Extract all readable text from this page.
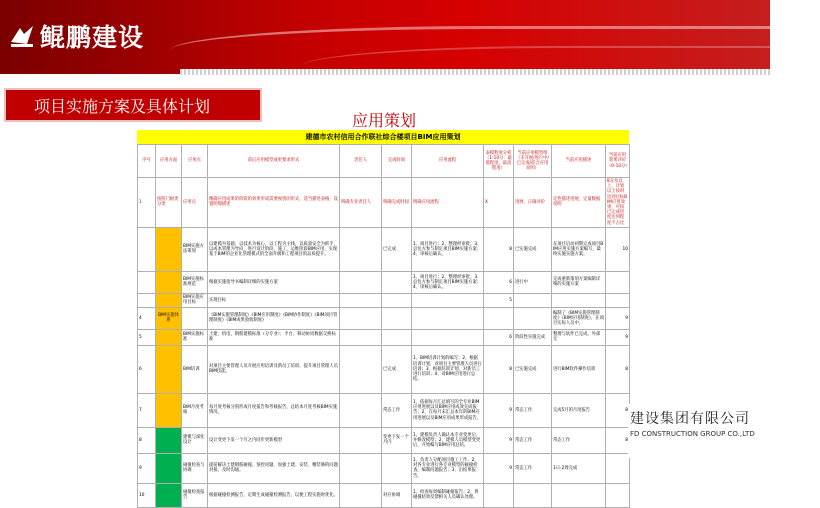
鲲鹏建设
项目实施方案及具体计划
应用策划
建德市农村信用合作联社综合楼项目BIM应用策划
序号	应用方面	应用点	前后应用模型成果要求形式	责任人	完成时间	应用流程	表模程度分析（1-10分：最低程度，最高程度）	当前应用模型组（未开展/进行中/已完成/结合应用说明）	当前应用描述	当前应用效果评价（0-10分）
1	按照门板类分类	应用点	精确应用成果的阶段的效果形成需要视别的形式，适当描述表格，设置明细描述	明确专业责任人	明确完成时间	明确应用流程	X	进展、正确评价	定性描述进展，定量数据说明	8分及以上，计划以上按时达到目标BIM应用效果，可按已完成进度达到程度不占比
		BIM实施方法策划	以建模为基础，以技术为核心，以工程为主线，以质量安全为抓手，以成本管理为导向，进行设计阶段、施工、运维阶段BIM应用，实现基于BIM的企业化管理模式的全面升级和工程项目的品质提升。		已完成	1、项目进行；2、整理经审批；3、总包方参与制定项目BIM实施方案；4、审核后确认。	8	已实施完成	在项目启动初期完成项目BIM应用实施方案编写，最终实施实施方案。	10
		BIM实施标准规范	根据实施指导书编制详细的实施方案			1、项目进行；2、整理经审批；3、总包方参与制定项目BIM实施方案；4、审核后确认。	6	进行中	完成重新策划方案编制详细的实施方案	
		BIM实施应用目标	实现目标				5			
4	BIM实施体系		《BIM实施管理制度》《BIM应用制度》《BIM协作制度》《BIM项目管理制度》《BIM成果验收制度》						编制了《BIM实施管理制度》《BIM应用制度》，在项目实际人员中。	9
5		BIM实施标准	土建、机电、钢筋建模标准（分专业）；平台、移动协同数据交换标准				6	阶段性实施完成	整理与软件已完成，外部无	9
6		BIM培训	对项目主要管理人员开展应用培训及新员工培训，提升项目管理人员BIM技能。		已完成	1、BIM培训计划的编写；2、根据培训计划，对项目主要管理人员进行培训；3、根据培训计划，对新员工进行培训；4、对BIM应用进行总结。	8	已实施完成	进行BIM软件操作培训	8
7		BIM月度考核	每月度考核分别形成月度报告和考核报告，总结本月度考核BIM实施情况。		常态工作	1、依据每月汇总填写的全专业BIM应用进展以及BIM应用成效完成报告；2、在每月末汇总本年的BIM应用进展以及BIM应用成果形成报告。	9	常态工作	完成5月的月度报告	8
8		建模与深化设计	设计变更下发一个月之内同步更新模型		变更下发一个月内	1、建模负责人确认本专业变更后，并修改模型；2、建模人员模型变更后，开始编写BIM应用总结。	9	常态工作	常态工作	8
9		碰撞检查与协调	提前解决土建钢筋碰撞，预控问题，加强土建、安装、精装修的问题对接，及时沟通。			1、负责人分配项目施工工作；2、对各专业进行各专业模型的碰撞检查，编制问题报告；3、出结果报告。	9	常态工作	1日-2周完成	
10		碰撞检查报告	根据碰撞检测报告，定期生成碰撞检测报告，以便工程实施时优化。		对应协调	1、检查每周编制碰撞报告；2、将碰撞结果反馈相关人员确认处理。				
建设集团有限公司
FD CONSTRUCTION GROUP CO.,LTD
